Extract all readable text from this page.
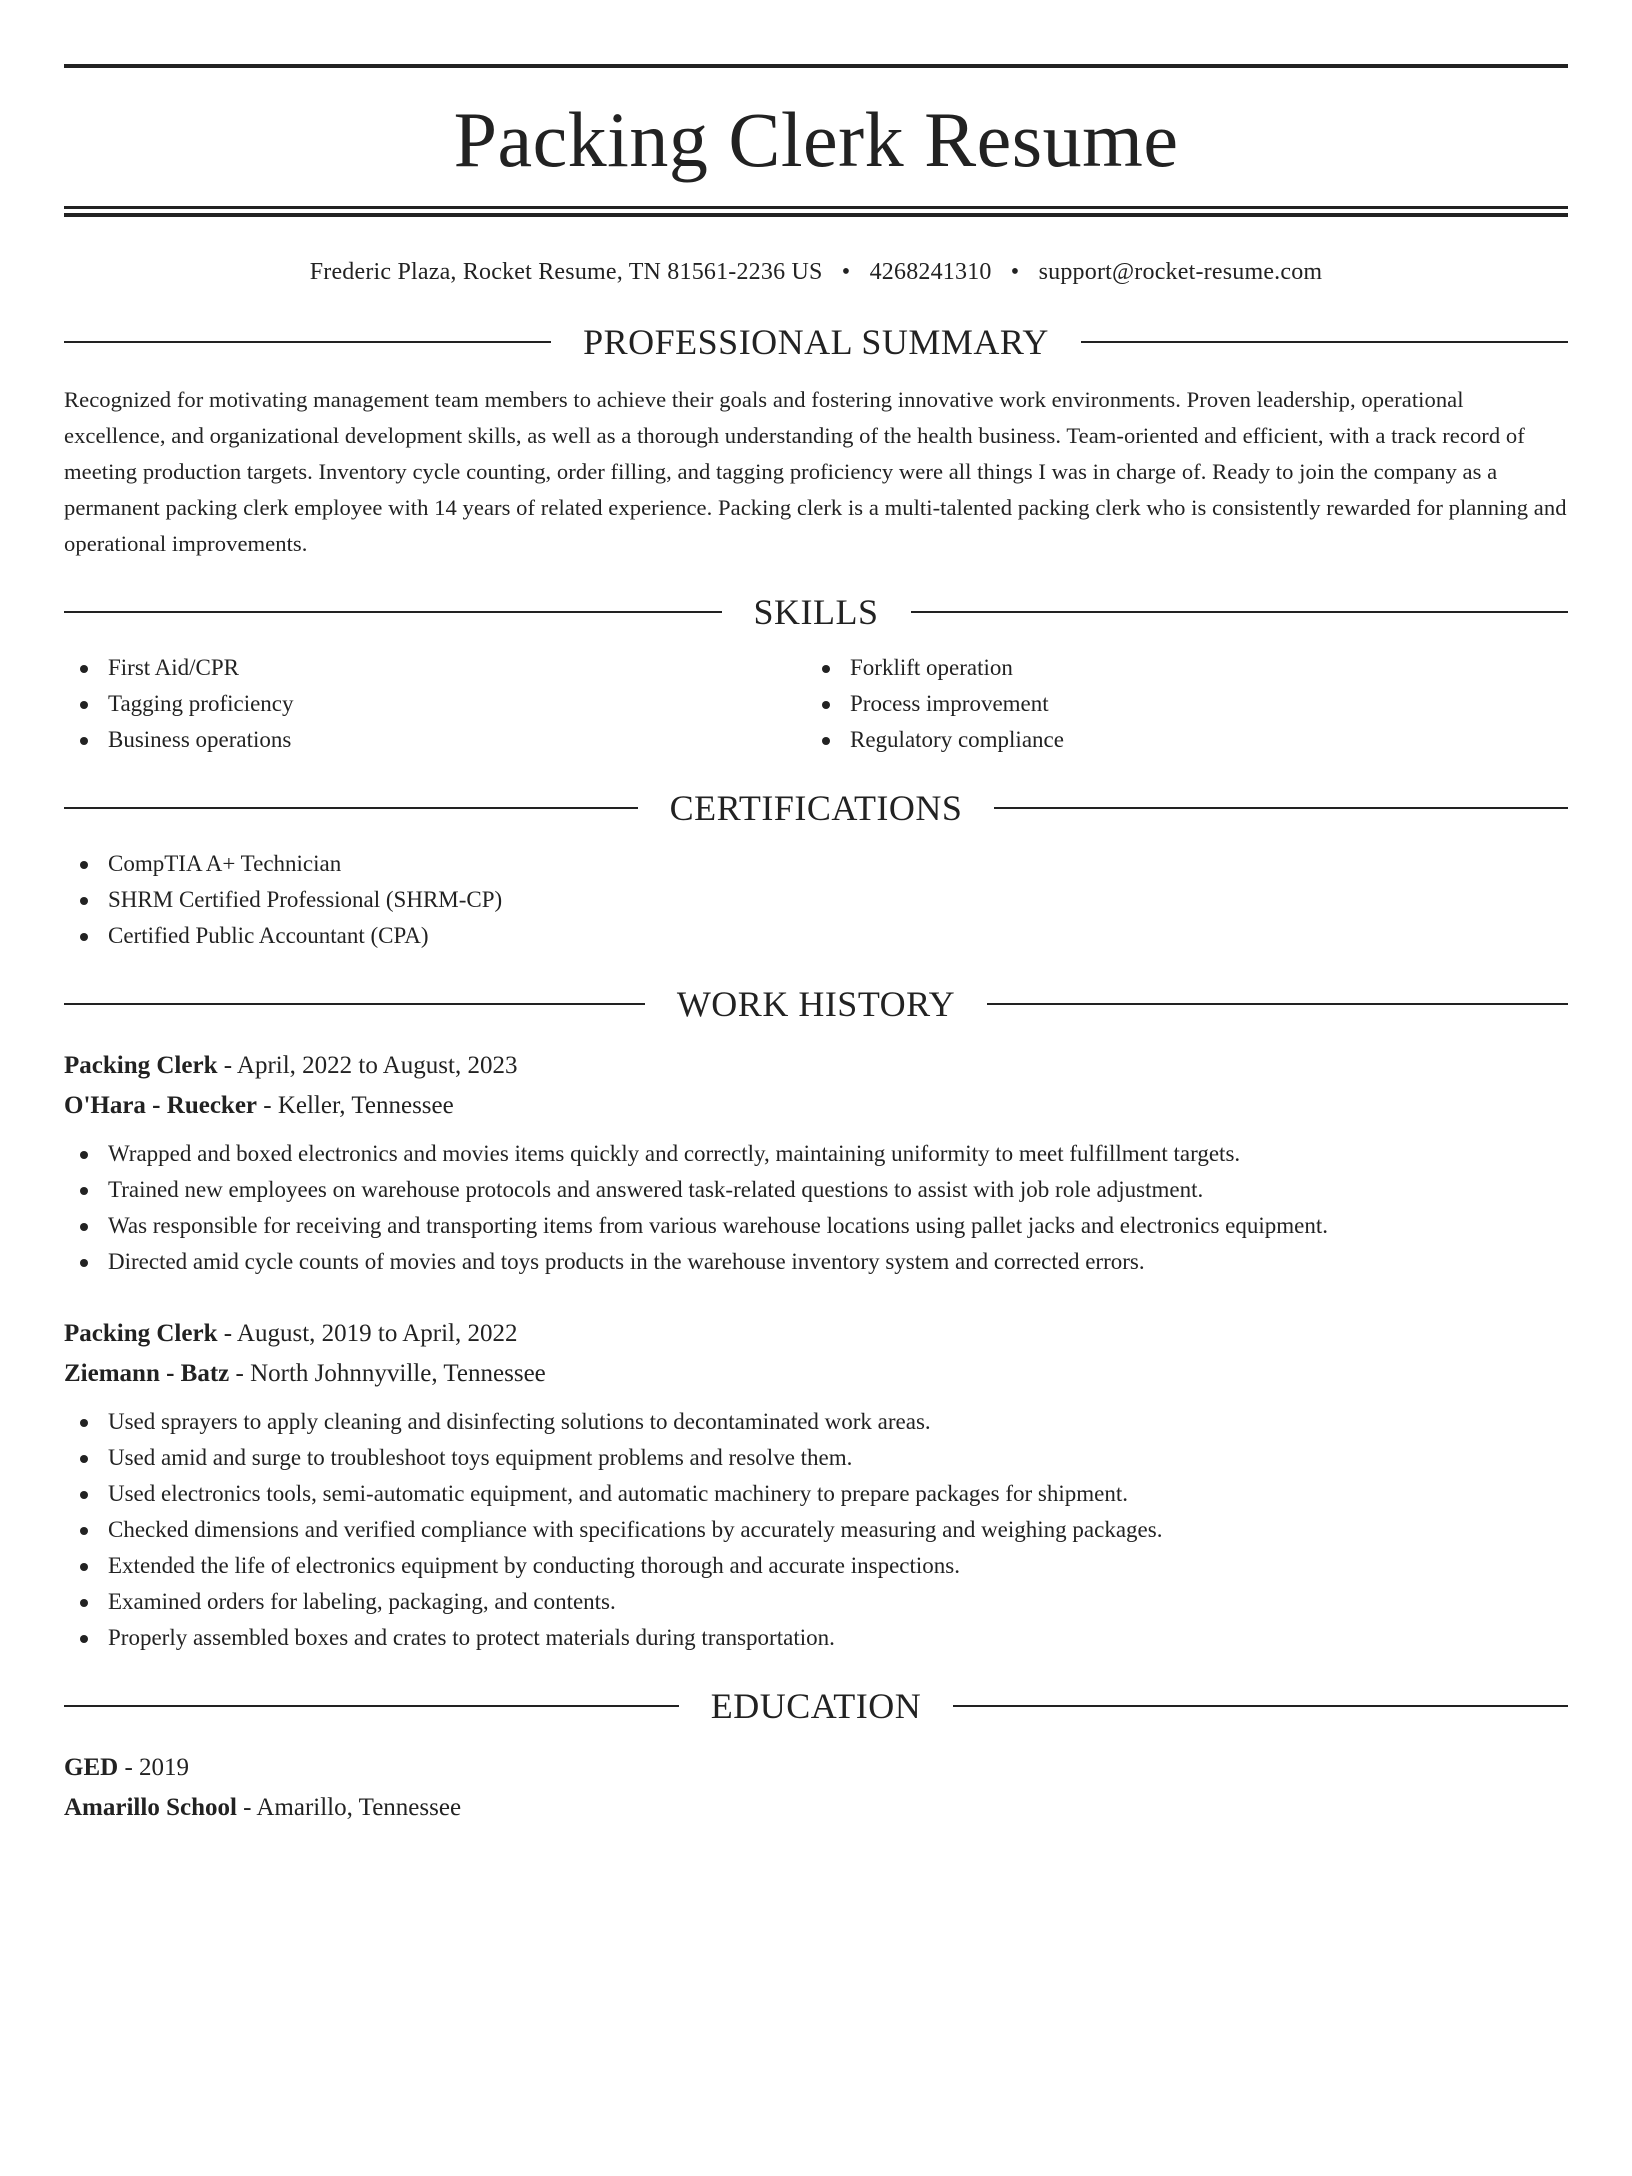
Packing Clerk Resume
Frederic Plaza, Rocket Resume, TN 81561-2236 US • 4268241310 • support@rocket-resume.com
PROFESSIONAL SUMMARY

Recognized for motivating management team members to achieve their goals and fostering innovative work environments. Proven leadership, operational excellence, and organizational development skills, as well as a thorough understanding of the health business. Team-oriented and efficient, with a track record of meeting production targets. Inventory cycle counting, order filling, and tagging proficiency were all things I was in charge of. Ready to join the company as a permanent packing clerk employee with 14 years of related experience. Packing clerk is a multi-talented packing clerk who is consistently rewarded for planning and operational improvements.

SKILLS
First Aid/CPR
Tagging proficiency
Business operations
Forklift operation
Process improvement
Regulatory compliance
CERTIFICATIONS
CompTIA A+ Technician
SHRM Certified Professional (SHRM-CP)
Certified Public Accountant (CPA)
WORK HISTORY
Packing Clerk - April, 2022 to August, 2023
O'Hara - Ruecker - Keller, Tennessee
Wrapped and boxed electronics and movies items quickly and correctly, maintaining uniformity to meet fulfillment targets.
Trained new employees on warehouse protocols and answered task-related questions to assist with job role adjustment.
Was responsible for receiving and transporting items from various warehouse locations using pallet jacks and electronics equipment.
Directed amid cycle counts of movies and toys products in the warehouse inventory system and corrected errors.
Packing Clerk - August, 2019 to April, 2022
Ziemann - Batz - North Johnnyville, Tennessee
Used sprayers to apply cleaning and disinfecting solutions to decontaminated work areas.
Used amid and surge to troubleshoot toys equipment problems and resolve them.
Used electronics tools, semi-automatic equipment, and automatic machinery to prepare packages for shipment.
Checked dimensions and verified compliance with specifications by accurately measuring and weighing packages.
Extended the life of electronics equipment by conducting thorough and accurate inspections.
Examined orders for labeling, packaging, and contents.
Properly assembled boxes and crates to protect materials during transportation.
EDUCATION
GED - 2019
Amarillo School - Amarillo, Tennessee
